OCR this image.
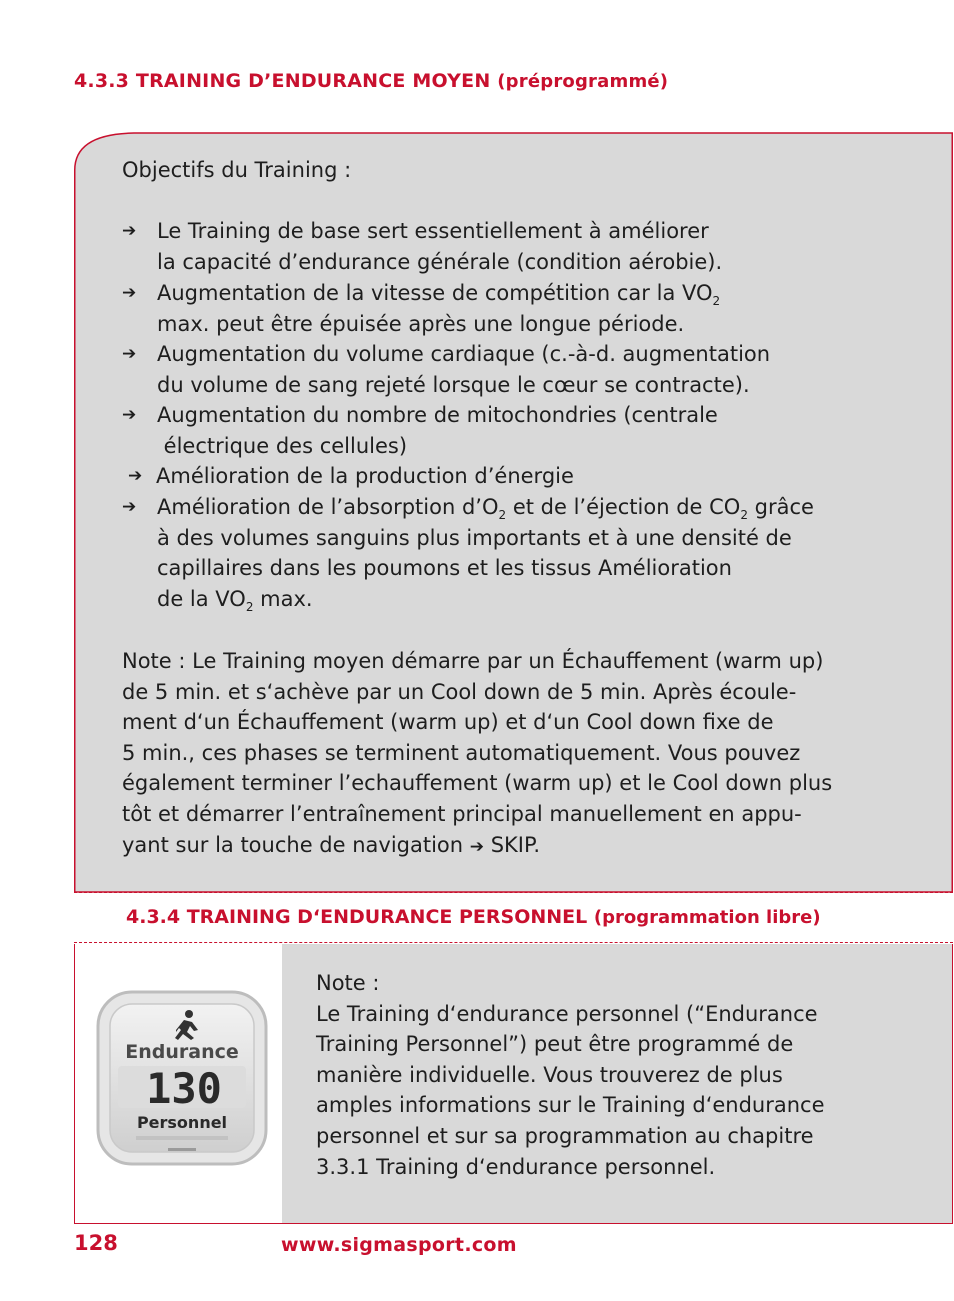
4.3.3 TRAINING D’ENDURANCE MOYEN (préprogrammé)
Objectifs du Training :
➔ Le Training de base sert essentiellement à améliorer
la capacité d’endurance générale (condition aérobie).
➔ Augmentation de la vitesse de compétition car la $VO_2$
max. peut être épuisée après une longue période.
➔ Augmentation du volume cardiaque (c.-à-d. augmentation
du volume de sang rejeté lorsque le cœur se contracte).
➔ Augmentation du nombre de mitochondries (centrale
électrique des cellules)
➔ Amélioration de la production d’énergie
➔ Amélioration de l’absorption $d’O_2$ et de l’éjection de $CO_2$ grâce
à des volumes sanguins plus importants et à une densité de
capillaires dans les poumons et les tissus Amélioration
de la $VO_2$ max.
Note : Le Training moyen démarre par un Échauffement (warm up)
de 5 min. et s‘achève par un Cool down de 5 min. Après écoule-
ment d‘un Échauffement (warm up) et d‘un Cool down fixe de
5 min., ces phases se terminent automatiquement. Vous pouvez
également terminer l’echauffement (warm up) et le Cool down plus
tôt et démarrer l’entraînement principal manuellement en appu-
yant sur la touche de navigation ➔ SKIP.
4.3.4 TRAINING D‘ENDURANCE PERSONNEL (programmation libre)
Endurance
130
Personnel
Note :
Le Training d‘endurance personnel (“Endurance
Training Personnel”) peut être programmé de
manière individuelle. Vous trouverez de plus
amples informations sur le Training d‘endurance
personnel et sur sa programmation au chapitre
3.3.1 Training d‘endurance personnel.
128	www.sigmasport.com
